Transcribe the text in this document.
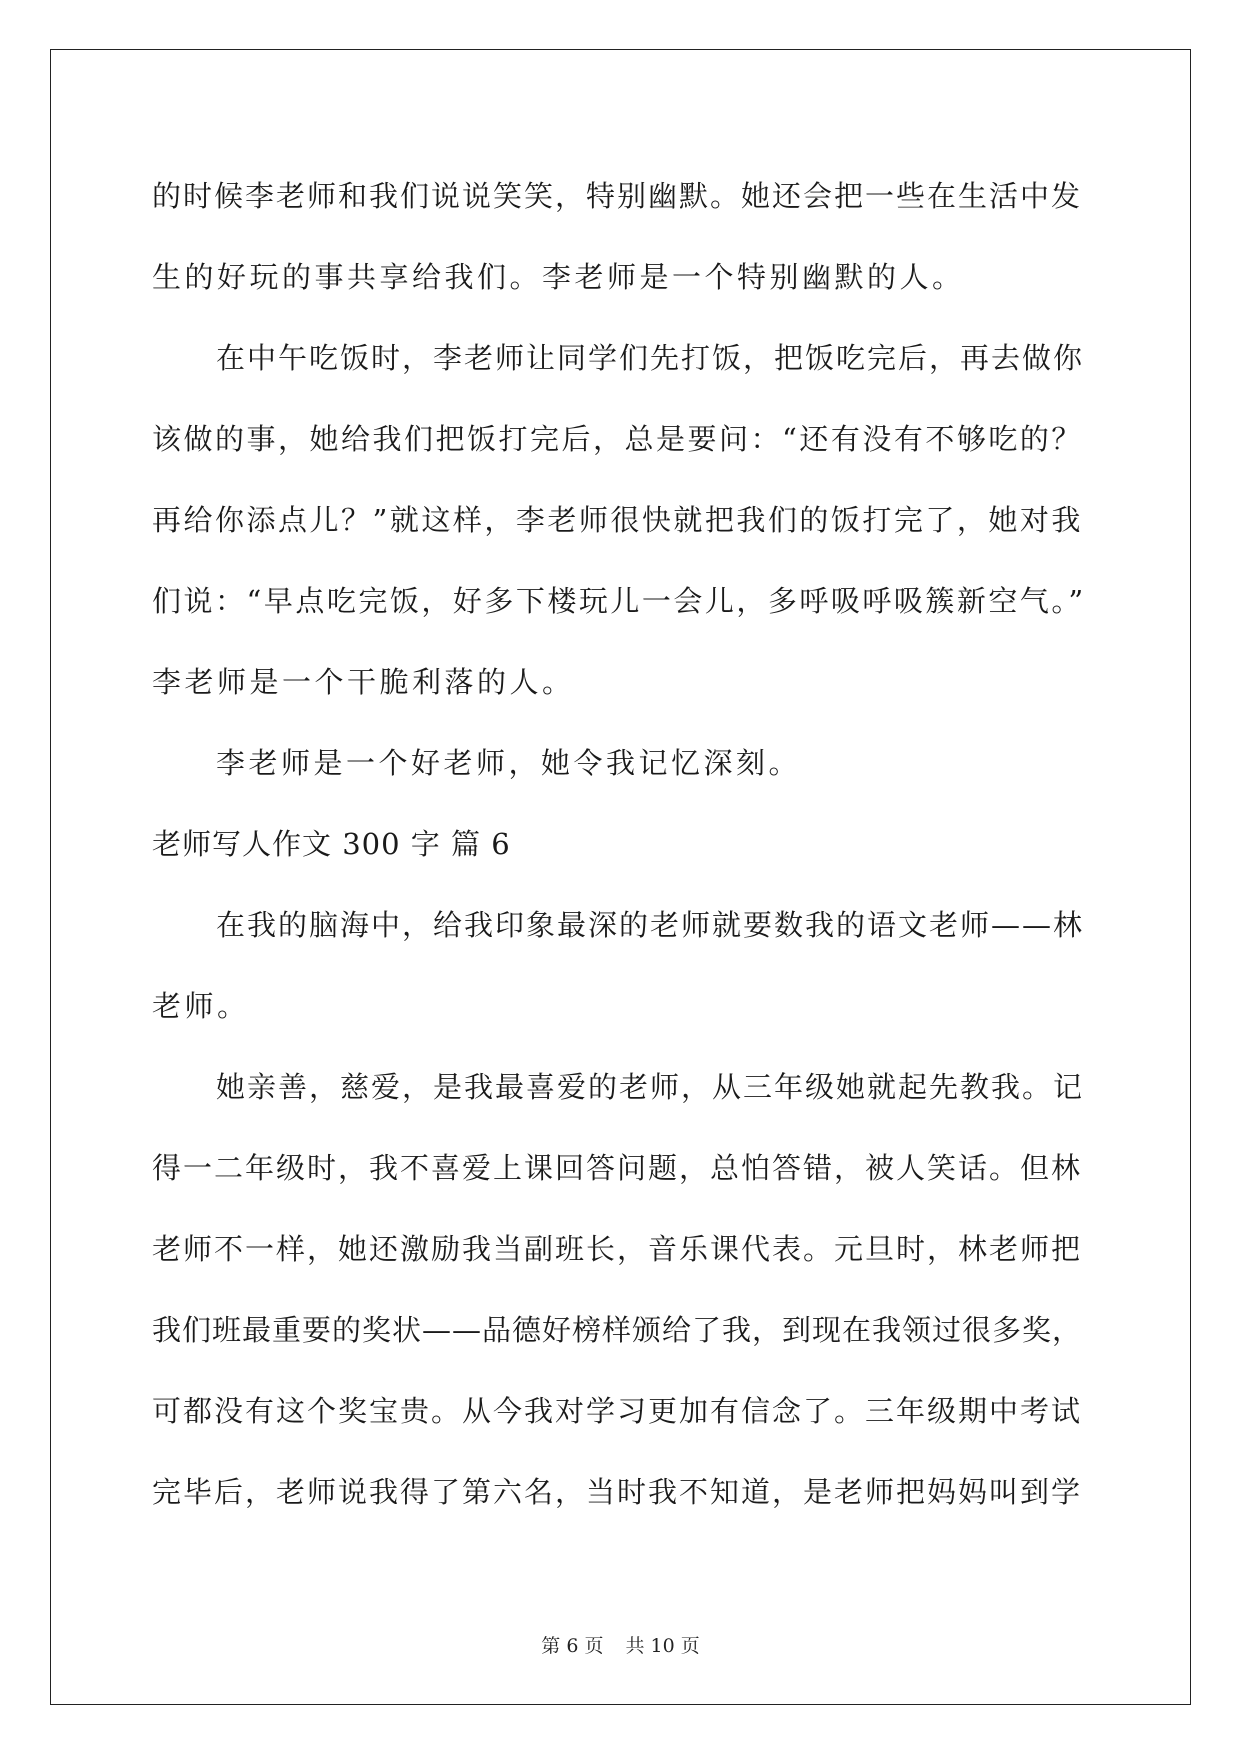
的时候李老师和我们说说笑笑，特别幽默。她还会把一些在生活中发
生的好玩的事共享给我们。李老师是一个特别幽默的人。
在中午吃饭时，李老师让同学们先打饭，把饭吃完后，再去做你
该做的事，她给我们把饭打完后，总是要问：“还有没有不够吃的？
再给你添点儿？”就这样，李老师很快就把我们的饭打完了，她对我
们说：“早点吃完饭，好多下楼玩儿一会儿，多呼吸呼吸簇新空气。”
李老师是一个干脆利落的人。
李老师是一个好老师，她令我记忆深刻。
老师写人作文 300 字 篇 6
在我的脑海中，给我印象最深的老师就要数我的语文老师——林
老师。
她亲善，慈爱，是我最喜爱的老师，从三年级她就起先教我。记
得一二年级时，我不喜爱上课回答问题，总怕答错，被人笑话。但林
老师不一样，她还激励我当副班长，音乐课代表。元旦时，林老师把
我们班最重要的奖状——品德好榜样颁给了我，到现在我领过很多奖，
可都没有这个奖宝贵。从今我对学习更加有信念了。三年级期中考试
完毕后，老师说我得了第六名，当时我不知道，是老师把妈妈叫到学
第 6 页 共 10 页
